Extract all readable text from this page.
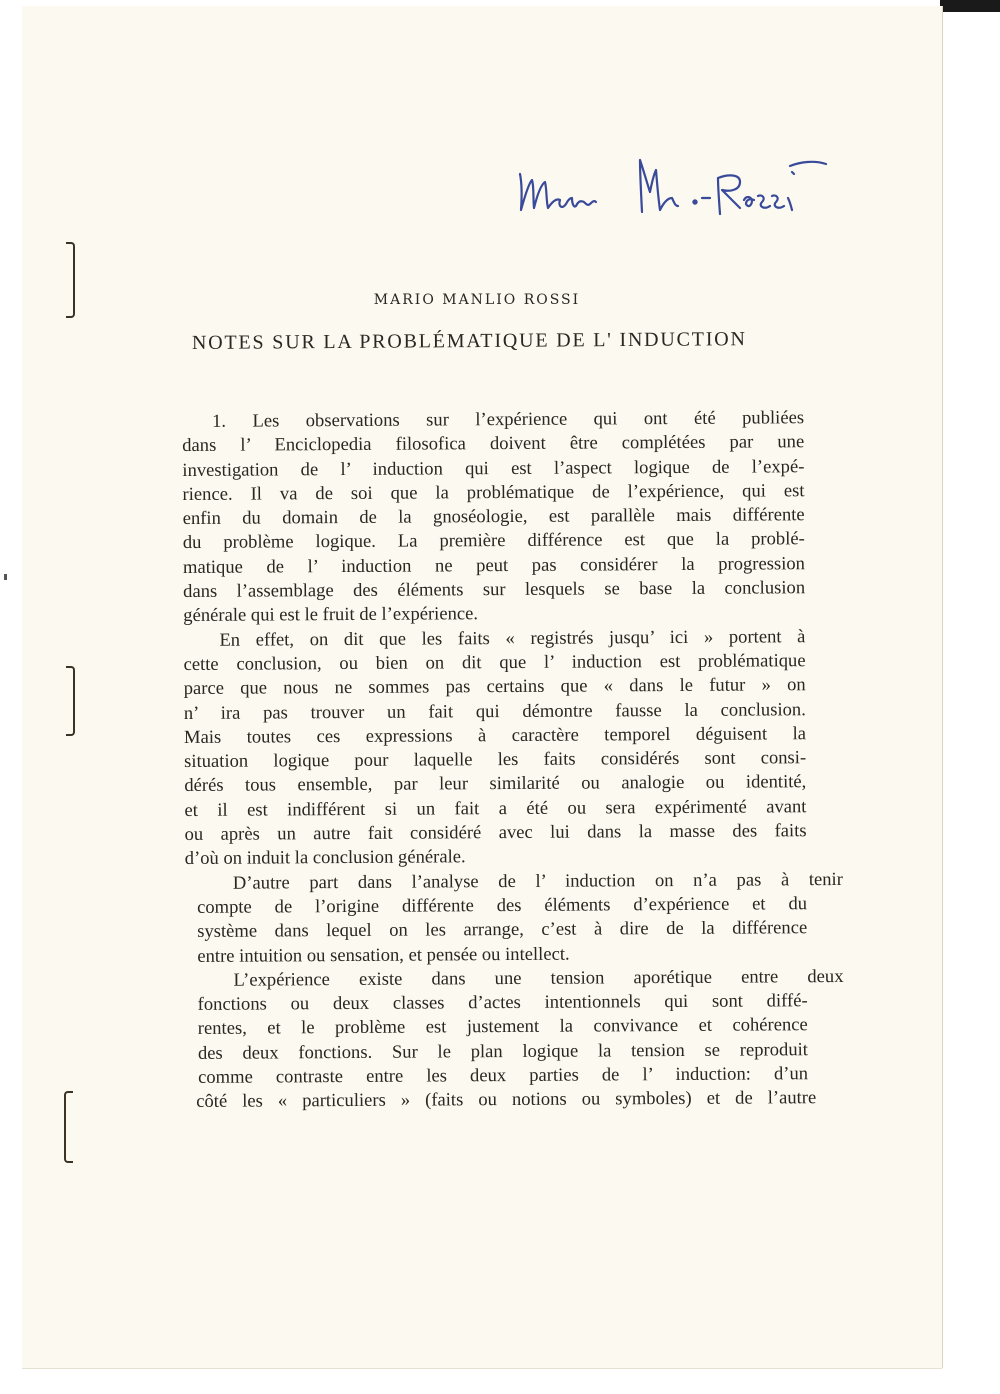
MARIO MANLIO ROSSI

NOTES SUR LA PROBLÉMATIQUE DE L' INDUCTION
1. Les observations sur l’expérience qui ont été publiées
dans l’ Enciclopedia filosofica doivent être complétées par une
investigation de l’ induction qui est l’aspect logique de l’expé-
rience. Il va de soi que la problématique de l’expérience, qui est
enfin du domain de la gnoséologie, est parallèle mais différente
du problème logique. La première différence est que la problé-
matique de l’ induction ne peut pas considérer la progression
dans l’assemblage des éléments sur lesquels se base la conclusion
générale qui est le fruit de l’expérience.
En effet, on dit que les faits « registrés jusqu’ ici » portent à
cette conclusion, ou bien on dit que l’ induction est problématique
parce que nous ne sommes pas certains que « dans le futur » on
n’ ira pas trouver un fait qui démontre fausse la conclusion.
Mais toutes ces expressions à caractère temporel déguisent la
situation logique pour laquelle les faits considérés sont consi-
dérés tous ensemble, par leur similarité ou analogie ou identité,
et il est indifférent si un fait a été ou sera expérimenté avant
ou après un autre fait considéré avec lui dans la masse des faits
d’où on induit la conclusion générale.
D’autre part dans l’analyse de l’ induction on n’a pas à tenir
compte de l’origine différente des éléments d’expérience et du
système dans lequel on les arrange, c’est à dire de la différence
entre intuition ou sensation, et pensée ou intellect.
L’expérience existe dans une tension aporétique entre deux
fonctions ou deux classes d’actes intentionnels qui sont diffé-
rentes, et le problème est justement la convivance et cohérence
des deux fonctions. Sur le plan logique la tension se reproduit
comme contraste entre les deux parties de l’ induction: d’un
côté les « particuliers » (faits ou notions ou symboles) et de l’autre
